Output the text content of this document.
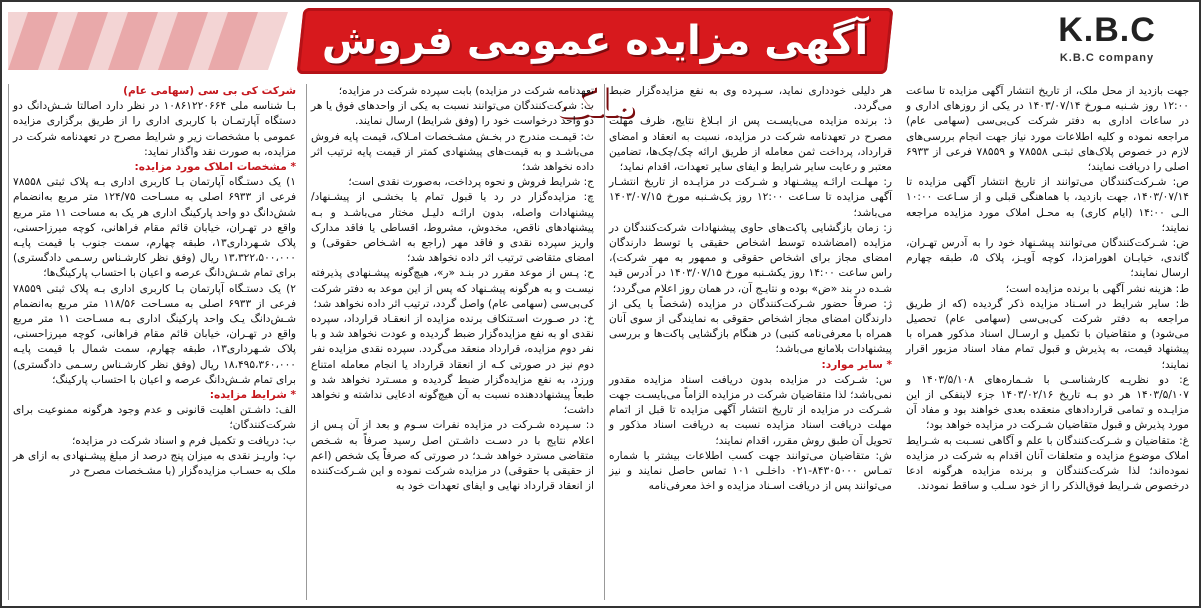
آگهی مزایده عمومی فروش ملک
K.B.C
K.B.C company

شرکت کی بی سی (سهامی عام)

بـا شناسه ملی ۱۰۸۶۱۲۲۰۶۶۴ در نظر دارد اصالتا شـش‌دانگ دو دستگاه آپارتمـان با کاربری اداری را از طریق برگزاری مزایده عمومی با مشخصات زیر و شرایط مصرح در تعهدنامه شرکت در مزایده، به صورت نقد واگذار نماید:

* مشخصات املاک مورد مزایده:

۱) یک دستـگاه آپارتمان بـا کاربری اداری بـه پلاک ثبتی ۷۸۵۵۸ فرعی از ۶۹۳۳ اصلی به مسـاحت ۱۲۴/۷۵ متر مربع به‌انضمام شش‌دانگ دو واحد پارکینگ اداری هر یک به مساحت ۱۱ متر مربع واقع در تهـران، خیابان قائم مقام فراهانی، کوچه میرزاحسنی، پلاک شـهرداری۱۳، طبقه چهارم، سمت جنوب با قیمت پایـه ۱۳،۳۲۲،۵۰۰،۰۰۰ ریال (وفق نظر کارشـناس رسـمی دادگستری) برای تمام شـش‌دانگ عرصه و اعیان با احتساب پارکینگ‌ها؛

۲) یک دستـگاه آپارتمان بـا کاربری اداری بـه پلاک ثبتی ۷۸۵۵۹ فرعی از ۶۹۳۳ اصلی به مسـاحت ۱۱۸/۵۶ متر مربع به‌انضمام شـش‌دانگ یـک واحد پارکینگ اداری بـه مسـاحت ۱۱ متر مربع واقع در تهـران، خیابان قائم مقام فراهانی، کوچه میرزاحسنی، پلاک شـهرداری۱۳، طبقه چهارم، سمت شمال با قیمت پایـه ۱۸،۴۹۵،۳۶۰،۰۰۰ ریال (وفق نظر کارشـناس رسـمی دادگستری) برای تمام شـش‌دانگ عرصه و اعیان با احتساب پارکینگ؛

* شرایط مزایده:

الف: داشـتن اهلیت قانونی و عدم وجود هرگونه ممنوعیت برای شرکت‌کنندگان؛

ب: دریافت و تکمیل فرم و اسناد شرکت در مزایده؛

پ: واریـز نقدی به میزان پنج درصد از مبلغ پیشـنهادی به ازای هر ملک به حسـاب مزایده‌گزار (با مشـخصات مصرح در

تعهدنامه شرکت در مزایده) بابت سپرده شرکت در مزایده؛

ت: شرکت‌کنندگان می‌توانند نسبت به یکی از واحدهای فوق یا هر دو واحد درخواست خود را (وفق شرایط) ارسال نمایند.

ث: قیمـت مندرج در بخـش مشـخصات امـلاک، قیمت پایه فروش می‌باشـد و به قیمت‌های پیشنهادی کمتر از قیمت پایه ترتیب اثر داده نخواهد شد؛

ج: شرایط فروش و نحوه پرداخت، به‌صورت نقدی است؛

چ: مزایده‌گزار در رد یا قبول تمام یا بخشـی از پیشـنهاد/ پیشنهادات واصله، بدون ارائـه دلیـل مختار می‌باشـد و بـه پیشنهادهای ناقص، مخدوش، مشروط، اقساطی یا فاقد مدارک واریز سپرده نقدی و فاقد مهر (راجع به اشـخاص حقوقی) و امضای متقاضی ترتیب اثر داده نخواهد شد؛

ح: پـس از موعد مقرر در بنـد «ر»، هیچ‌گونه پیشـنهادی پذیرفته نیسـت و به هرگونه پیشـنهاد که پس از این موعد به دفتر شرکت کی‌بی‌سی (سهامی عام) واصل گردد، ترتیب اثر داده نخواهد شد؛

خ: در صـورت اسـتنکاف برنده مزایده از انعقـاد قرارداد، سپرده نقدی او به نفع مزایده‌گزار ضبط گردیده و عودت نخواهد شد و با نفر دوم مزایده، قرارداد منعقد می‌گردد. سپرده نقدی مزایده نفر دوم نیز در صورتی کـه از انعقاد قرارداد یا انجام معامله امتناع ورزد، به نفع مزایده‌گزار ضبط گردیده و مسـترد نخواهد شد و طبعاً پیشنهاددهنده نسبت به آن هیچ‌گونه ادعایی نداشته و نخواهد داشت؛

د: سـپرده شـرکت در مزایده نفرات سـوم و بعد از آن پـس از اعلام نتایج با در دسـت داشـتن اصل رسید صرفاً به شـخص متقاضی مسترد خواهد شـد؛ در صورتی که صرفاً یک شخص (اعم از حقیقی یا حقوقی) در مزایده شرکت نموده و این شـرکت‌کننده از انعقاد قرارداد نهایی و ایفای تعهدات خود به

هر دلیلی خودداری نماید، سـپرده وی به نفع مزایده‌گزار ضبط می‌گردد.

ذ: برنده مزایده می‌بایسـت پس از ابـلاغ نتایج، ظرف مهلت مصرح در تعهدنامه شرکت در مزایده، نسبت به انعقاد و امضای قرارداد، پرداخت ثمن معامله از طریق ارائه چک/چک‌ها، تضامین معتبر و رعایت سایر شرایط و ایفای سایر تعهدات، اقدام نماید؛

ر: مهلـت ارائـه پیشـنهاد و شـرکت در مزایـده از تاریخ انتشـار آگهی مزایده تا سـاعت ۱۲:۰۰ روز یک‌شـنبه مورخ ۱۴۰۳/۰۷/۱۵ می‌باشد؛

ز: زمان بازگشایی پاکت‌های حاوی پیشنهادات شرکت‌کنندگان در مزایده (امضاشده توسط اشخاص حقیقی یا توسط دارندگان امضای مجاز برای اشخاص حقوقی و ممهور به مهر شرکت)، راس ساعت ۱۴:۰۰ روز یکشـنبه مورخ ۱۴۰۳/۰۷/۱۵ در آدرس قید شـده در بند «ض» بوده و نتایـج آن، در همان روز اعلام می‌گردد؛

ژ: صرفاً حضور شـرکت‌کنندگان در مزایده (شخصاً یا یکی از دارندگان امضای مجاز اشخاص حقوقی به نمایندگی از سوی آنان همراه با معرفی‌نامه کتبی) در هنگام بازگشایی پاکت‌ها و بررسی پیشنهادات بلامانع می‌باشد؛

* سایر موارد:

س: شـرکت در مزایده بدون دریافت اسناد مزایده مقدور نمی‌باشد؛ لذا متقاضیان شرکت در مزایده الزاماً می‌بایسـت جهت شـرکت در مزایده از تاریخ انتشار آگهی مزایده تا قبل از اتمام مهلت دریافت اسناد مزایده نسبت به دریافت اسناد مذکور و تحویل آن طبق روش مقرر، اقدام نمایند؛

ش: متقاضیان می‌توانند جهت کسب اطلاعات بیشتر با شماره تمـاس ۸۴۳۰۵۰۰۰-۰۲۱ داخلـی ۱۰۱ تماس حاصل نمایند و نیز می‌توانند پس از دریافت اسـناد مزایده و اخذ معرفی‌نامه

جهت بازدید از محل ملک، از تاریخ انتشار آگهی مزایده تا ساعت ۱۲:۰۰ روز شـنبه مـورخ ۱۴۰۳/۰۷/۱۴ در یکی از روزهای اداری و در ساعات اداری به دفتر شرکت کی‌بی‌سی (سهامی عام) مراجعه نموده و کلیه اطلاعات مورد نیاز جهت انجام بررسی‌های لازم در خصوص پلاک‌های ثبتـی ۷۸۵۵۸ و ۷۸۵۵۹ فرعی از ۶۹۳۳ اصلی را دریافت نمایند؛

ص: شـرکت‌کنندگان می‌توانند از تاریخ انتشار آگهی مزایده تا ۱۴۰۳/۰۷/۱۴، جهت بازدید، با هماهنگی قبلی و از سـاعت ۱۰:۰۰ الـی ۱۴:۰۰ (ایام کاری) به محـل املاک مورد مزایده مراجعه نمایند؛

ض: شـرکت‌کنندگان می‌توانند پیشـنهاد خود را به آدرس تهـران، گاندی، خیابـان اهورامزدا، کوچه آویـز، پلاک ۵، طبقه چهارم ارسال نمایند؛

ط: هزینه نشر آگهی با برنده مزایده است؛

ظ: سایر شرایط در اسـناد مزایده ذکر گردیده (که از طریق مراجعه به دفتر شرکت کی‌بی‌سی (سهامی عام) تحصیل می‌شود) و متقاضیان با تکمیل و ارسـال اسناد مذکور همراه با پیشنهاد قیمت، به پذیرش و قبول تمام مفاد اسناد مزبور اقرار نمایند؛

ع: دو نظریـه کارشناسـی با شـماره‌های ۱۴۰۳/۵/۱۰۸ و ۱۴۰۳/۵/۱۰۷ هر دو بـه تاریخ ۱۴۰۳/۰۲/۱۶ جزء لاینفکی از این مزایـده و تمامی قراردادهای منعقده بعدی خواهند بود و مفاد آن مورد پذیرش و قبول متقاضیان شـرکت در مزایده خواهد بود؛

غ: متقاضیان و شـرکت‌کنندگان با علم و آگاهی نسـبت به شـرایط املاک موضوع مزایده و متعلقات آنان اقدام به شرکت در مزایده نموده‌اند؛ لذا شرکت‌کنندگان و برنده مزایده هرگونه ادعا درخصوص شـرایط فوق‌الذکر را از خود سـلب و ساقط نمودند.
